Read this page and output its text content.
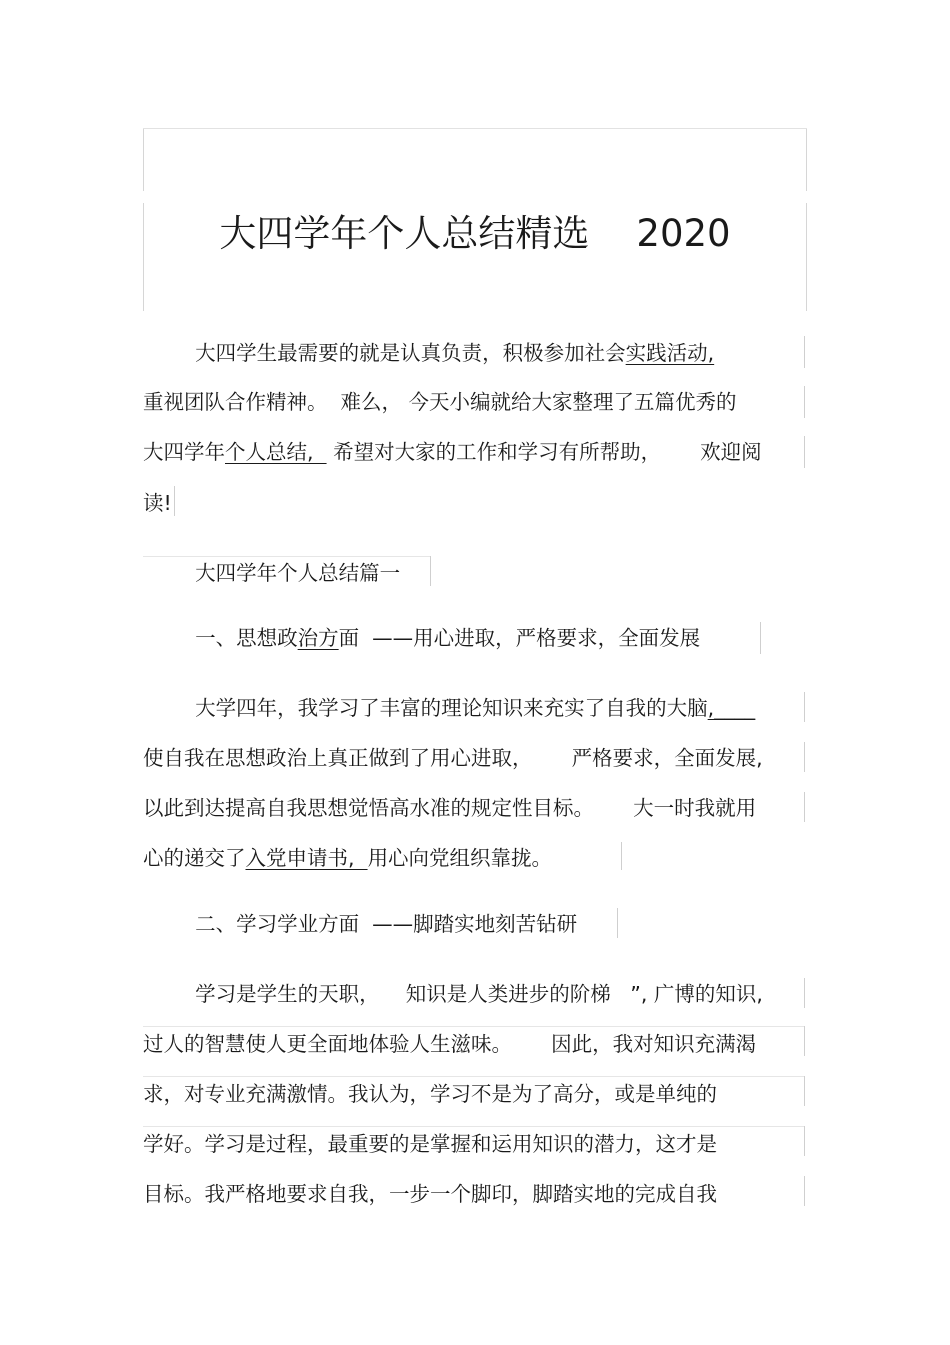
大四学年个人总结精选    2020
大四学生最需要的就是认真负责，积极参加社会实践活动,
重视团队合作精神。  难么， 今天小编就给大家整理了五篇优秀的
大四学年个人总结,   希望对大家的工作和学习有所帮助，      欢迎阅
读!
大四学年个人总结篇一
一、思想政治方面  ——用心进取，严格要求，全面发展
大学四年，我学习了丰富的理论知识来充实了自我的大脑,____
使自我在思想政治上真正做到了用心进取，      严格要求，全面发展,
以此到达提高自我思想觉悟高水准的规定性目标。      大一时我就用
心的递交了入党申请书,  用心向党组织靠拢。
二、学习学业方面  ——脚踏实地刻苦钻研
学习是学生的天职，    知识是人类进步的阶梯   ”, 广博的知识,
过人的智慧使人更全面地体验人生滋味。      因此，我对知识充满渴
求，对专业充满激情。我认为，学习不是为了高分，或是单纯的
学好。学习是过程，最重要的是掌握和运用知识的潜力，这才是
目标。我严格地要求自我，一步一个脚印，脚踏实地的完成自我
